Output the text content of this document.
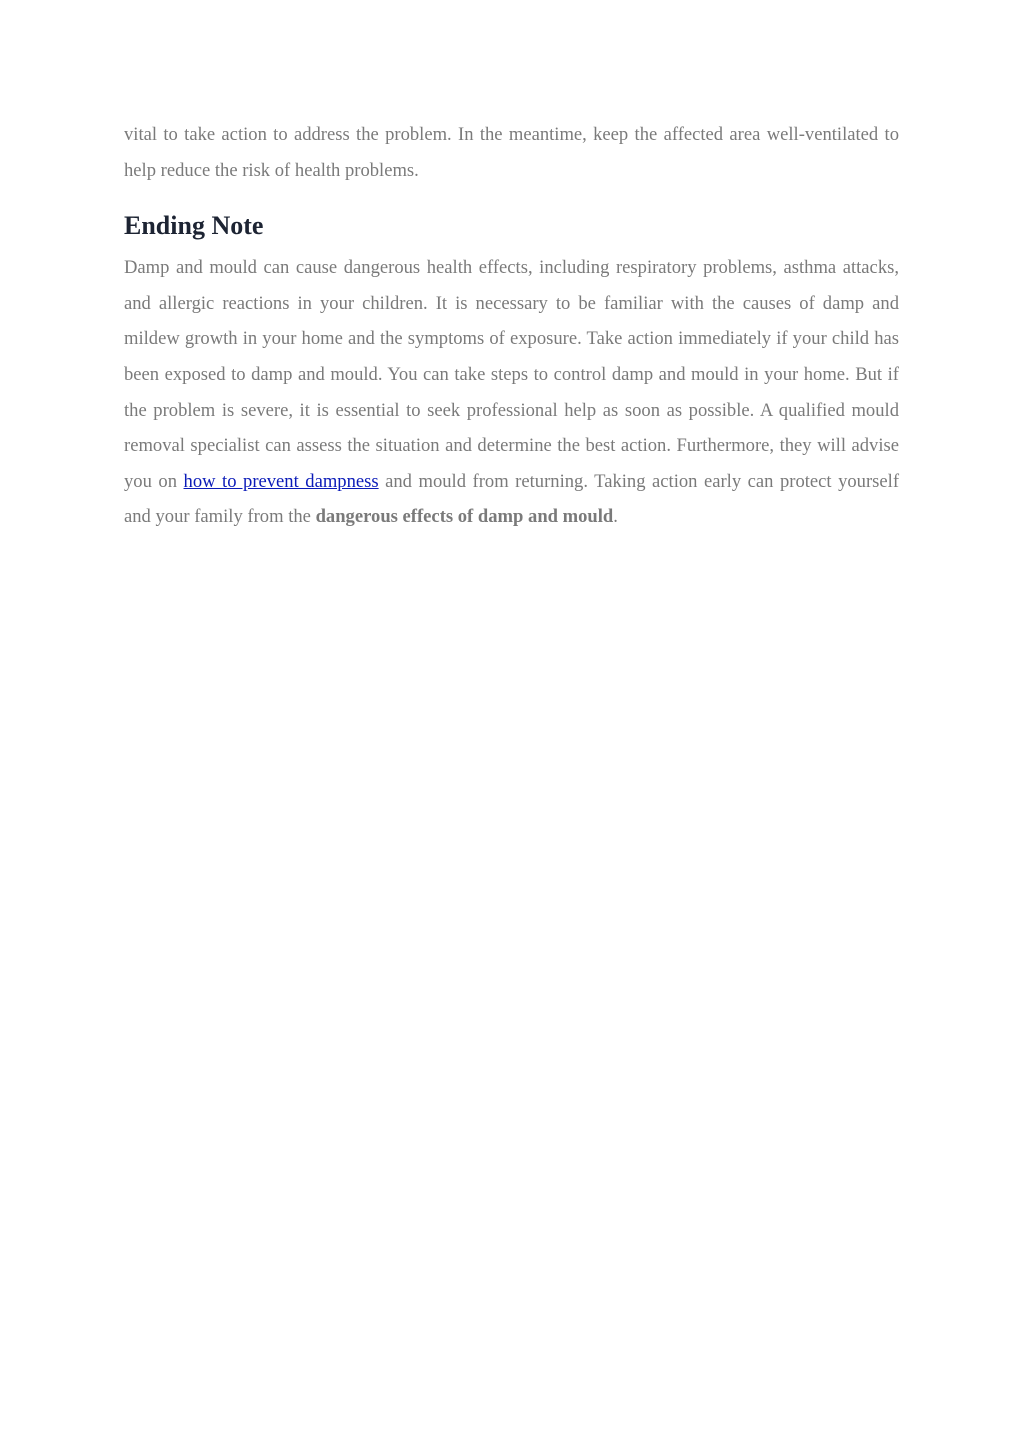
vital to take action to address the problem. In the meantime, keep the affected area well-ventilated to help reduce the risk of health problems.

Ending Note

Damp and mould can cause dangerous health effects, including respiratory problems, asthma attacks, and allergic reactions in your children. It is necessary to be familiar with the causes of damp and mildew growth in your home and the symptoms of exposure. Take action immediately if your child has been exposed to damp and mould. You can take steps to control damp and mould in your home. But if the problem is severe, it is essential to seek professional help as soon as possible. A qualified mould removal specialist can assess the situation and determine the best action. Furthermore, they will advise you on how to prevent dampness and mould from returning. Taking action early can protect yourself and your family from the dangerous effects of damp and mould.
